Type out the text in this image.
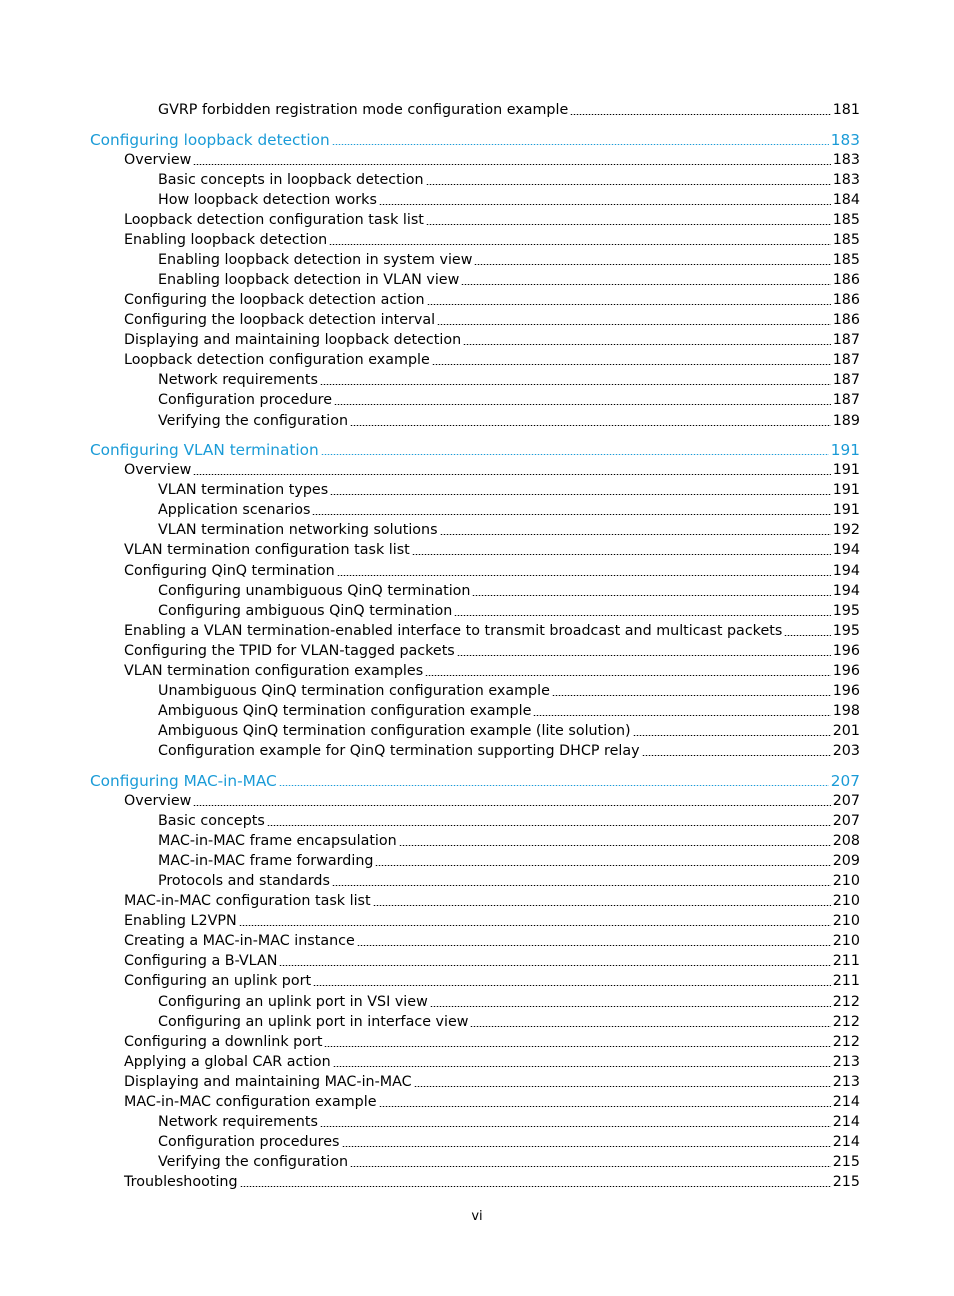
GVRP forbidden registration mode configuration example	181
Configuring loopback detection	183
Overview	183
Basic concepts in loopback detection	183
How loopback detection works	184
Loopback detection configuration task list	185
Enabling loopback detection	185
Enabling loopback detection in system view	185
Enabling loopback detection in VLAN view	186
Configuring the loopback detection action	186
Configuring the loopback detection interval	186
Displaying and maintaining loopback detection	187
Loopback detection configuration example	187
Network requirements	187
Configuration procedure	187
Verifying the configuration	189
Configuring VLAN termination	191
Overview	191
VLAN termination types	191
Application scenarios	191
VLAN termination networking solutions	192
VLAN termination configuration task list	194
Configuring QinQ termination	194
Configuring unambiguous QinQ termination	194
Configuring ambiguous QinQ termination	195
Enabling a VLAN termination-enabled interface to transmit broadcast and multicast packets	195
Configuring the TPID for VLAN-tagged packets	196
VLAN termination configuration examples	196
Unambiguous QinQ termination configuration example	196
Ambiguous QinQ termination configuration example	198
Ambiguous QinQ termination configuration example (lite solution)	201
Configuration example for QinQ termination supporting DHCP relay	203
Configuring MAC-in-MAC	207
Overview	207
Basic concepts	207
MAC-in-MAC frame encapsulation	208
MAC-in-MAC frame forwarding	209
Protocols and standards	210
MAC-in-MAC configuration task list	210
Enabling L2VPN	210
Creating a MAC-in-MAC instance	210
Configuring a B-VLAN	211
Configuring an uplink port	211
Configuring an uplink port in VSI view	212
Configuring an uplink port in interface view	212
Configuring a downlink port	212
Applying a global CAR action	213
Displaying and maintaining MAC-in-MAC	213
MAC-in-MAC configuration example	214
Network requirements	214
Configuration procedures	214
Verifying the configuration	215
Troubleshooting	215
vi
